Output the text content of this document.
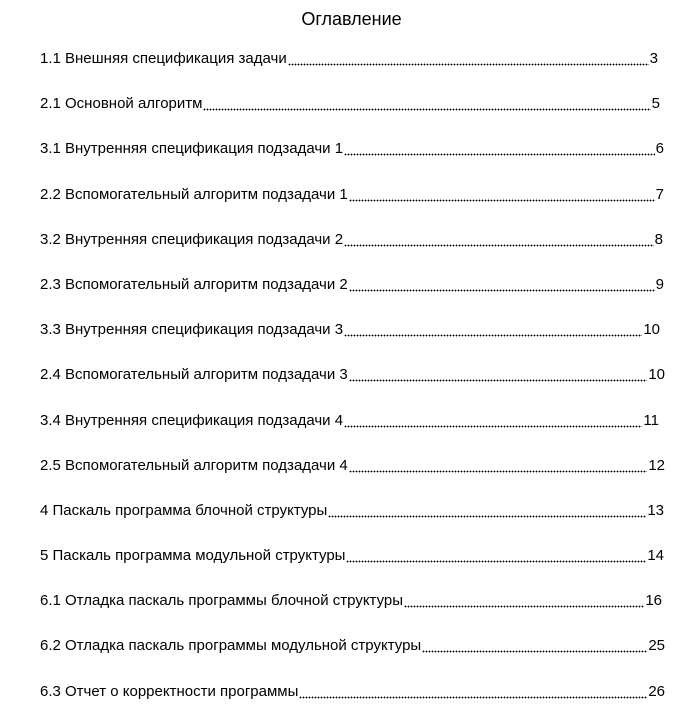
Оглавление
1.1 Внешняя спецификация задачи	3
2.1 Основной алгоритм	5
3.1 Внутренняя спецификация подзадачи 1	6
2.2 Вспомогательный алгоритм подзадачи 1	7
3.2 Внутренняя спецификация подзадачи 2	8
2.3 Вспомогательный алгоритм подзадачи 2	9
3.3 Внутренняя спецификация подзадачи 3	10
2.4 Вспомогательный алгоритм подзадачи 3	10
3.4 Внутренняя спецификация подзадачи 4	11
2.5 Вспомогательный алгоритм подзадачи 4	12
4 Паскаль программа блочной структуры	13
5 Паскаль программа модульной структуры	14
6.1 Отладка паскаль программы блочной структуры	16
6.2 Отладка паскаль программы модульной структуры	25
6.3 Отчет о корректности программы	26
